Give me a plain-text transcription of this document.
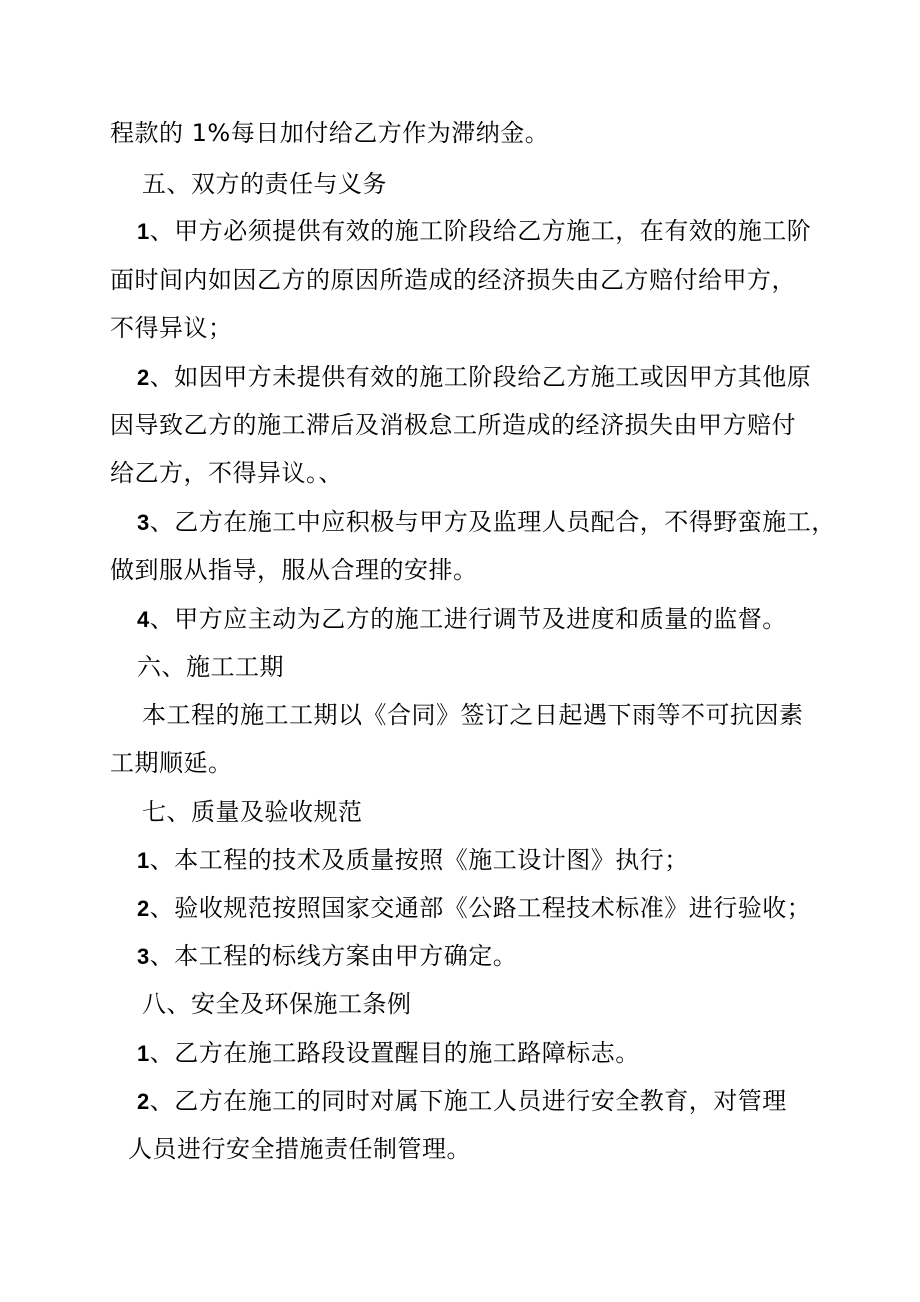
程款的 1%每日加付给乙方作为滞纳金。
五、双方的责任与义务
1、甲方必须提供有效的施工阶段给乙方施工，在有效的施工阶
面时间内如因乙方的原因所造成的经济损失由乙方赔付给甲方，
不得异议；
2、如因甲方未提供有效的施工阶段给乙方施工或因甲方其他原
因导致乙方的施工滞后及消极怠工所造成的经济损失由甲方赔付
给乙方，不得异议。、
3、乙方在施工中应积极与甲方及监理人员配合，不得野蛮施工，
做到服从指导，服从合理的安排。
4、甲方应主动为乙方的施工进行调节及进度和质量的监督。
六、施工工期
本工程的施工工期以《合同》签订之日起遇下雨等不可抗因素
工期顺延。
七、质量及验收规范
1、本工程的技术及质量按照《施工设计图》执行；
2、验收规范按照国家交通部《公路工程技术标准》进行验收；
3、本工程的标线方案由甲方确定。
八、安全及环保施工条例
1、乙方在施工路段设置醒目的施工路障标志。
2、乙方在施工的同时对属下施工人员进行安全教育，对管理
人员进行安全措施责任制管理。
